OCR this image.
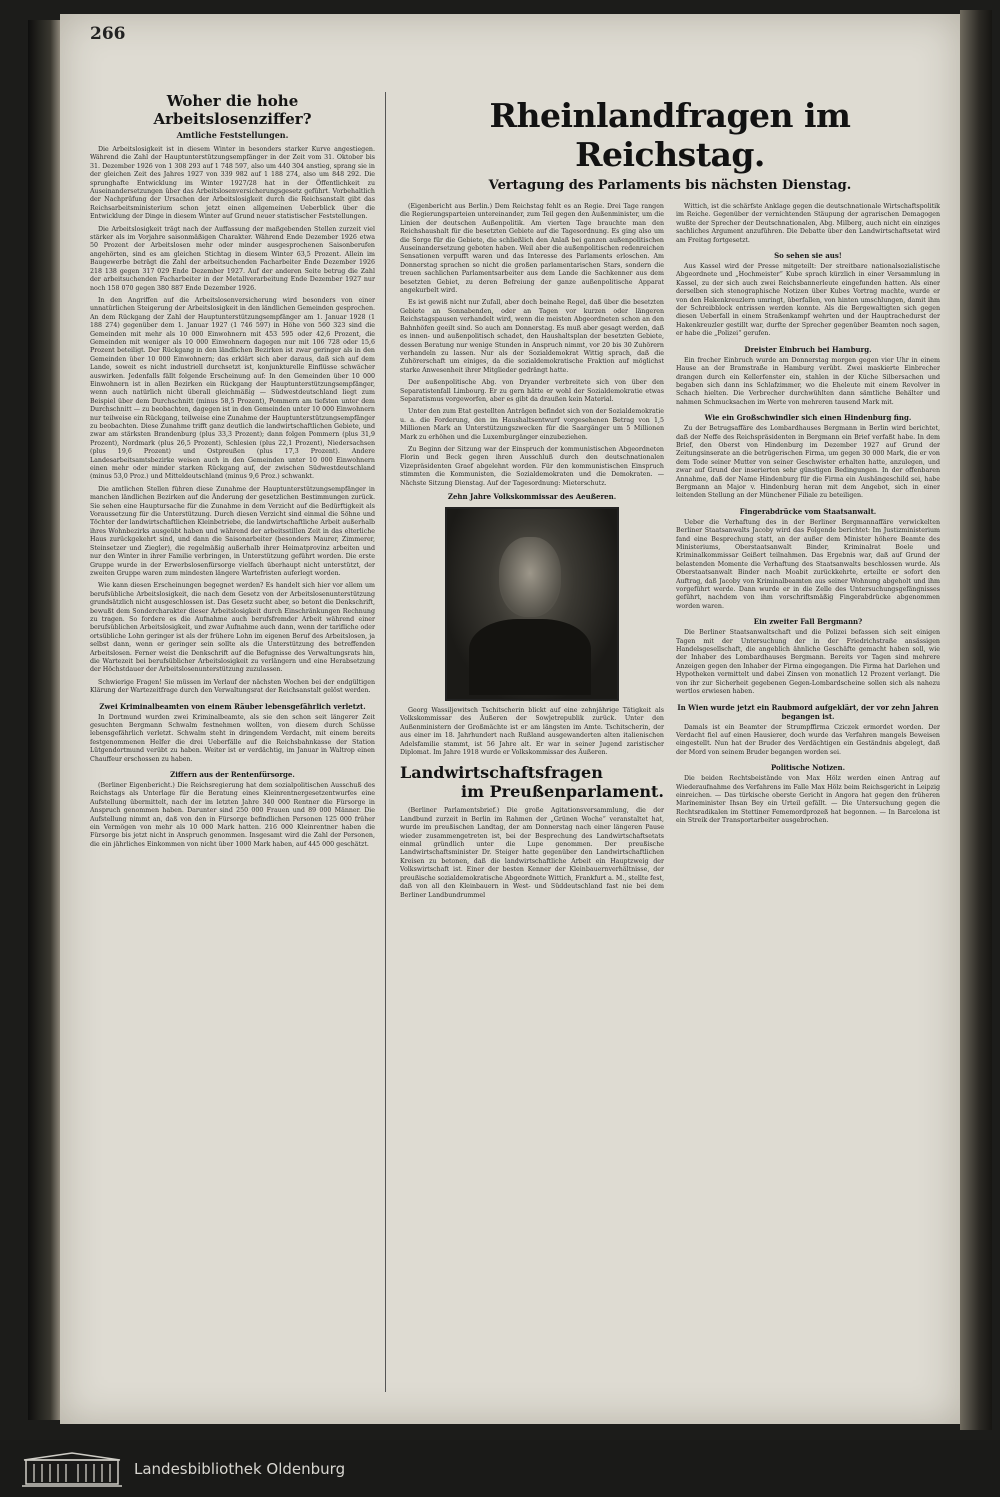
266
Woher die hohe Arbeitslosenziffer?
Amtliche Feststellungen.

Die Arbeitslosigkeit ist in diesem Winter in besonders starker Kurve angestiegen. Während die Zahl der Hauptunterstützungsempfänger in der Zeit vom 31. Oktober bis 31. Dezember 1926 von 1 308 293 auf 1 748 597, also um 440 304 anstieg, sprang sie in der gleichen Zeit des Jahres 1927 von 339 982 auf 1 188 274, also um 848 292. Die sprunghafte Entwicklung im Winter 1927/28 hat in der Öffentlichkeit zu Auseinandersetzungen über das Arbeitslosenversicherungsgesetz geführt. Vorbehaltlich der Nachprüfung der Ursachen der Arbeitslosigkeit durch die Reichsanstalt gibt das Reichsarbeitsministerium schon jetzt einen allgemeinen Ueberblick über die Entwicklung der Dinge in diesem Winter auf Grund neuer statistischer Feststellungen.

Die Arbeitslosigkeit trägt nach der Auffassung der maßgebenden Stellen zurzeit viel stärker als im Vorjahre saisonmäßigen Charakter. Während Ende Dezember 1926 etwa 50 Prozent der Arbeitslosen mehr oder minder ausgesprochenen Saisonberufen angehörten, sind es am gleichen Stichtag in diesem Winter 63,5 Prozent. Allein im Baugewerbe beträgt die Zahl der arbeitsuchenden Facharbeiter Ende Dezember 1926 218 138 gegen 317 029 Ende Dezember 1927. Auf der anderen Seite betrug die Zahl der arbeitsuchenden Facharbeiter in der Metallverarbeitung Ende Dezember 1927 nur noch 158 070 gegen 380 887 Ende Dezember 1926.

In den Angriffen auf die Arbeitslosenversicherung wird besonders von einer unnatürlichen Steigerung der Arbeitslosigkeit in den ländlichen Gemeinden gesprochen. An dem Rückgang der Zahl der Hauptunterstützungsempfänger am 1. Januar 1928 (1 188 274) gegenüber dem 1. Januar 1927 (1 746 597) in Höhe von 560 323 sind die Gemeinden mit mehr als 10 000 Einwohnern mit 453 595 oder 42,6 Prozent, die Gemeinden mit weniger als 10 000 Einwohnern dagegen nur mit 106 728 oder 15,6 Prozent beteiligt. Der Rückgang in den ländlichen Bezirken ist zwar geringer als in den Gemeinden über 10 000 Einwohnern; das erklärt sich aber daraus, daß sich auf dem Lande, soweit es nicht industriell durchsetzt ist, konjunkturelle Einflüsse schwächer auswirken. Jedenfalls fällt folgende Erscheinung auf: In den Gemeinden über 10 000 Einwohnern ist in allen Bezirken ein Rückgang der Hauptunterstützungsempfänger, wenn auch natürlich nicht überall gleichmäßig — Südwestdeutschland liegt zum Beispiel über dem Durchschnitt (minus 58,5 Prozent), Pommern am tiefsten unter dem Durchschnitt — zu beobachten, dagegen ist in den Gemeinden unter 10 000 Einwohnern nur teilweise ein Rückgang, teilweise eine Zunahme der Hauptunterstützungsempfänger zu beobachten. Diese Zunahme trifft ganz deutlich die landwirtschaftlichen Gebiete, und zwar am stärksten Brandenburg (plus 33,3 Prozent); dann folgen Pommern (plus 31,9 Prozent), Nordmark (plus 26,5 Prozent), Schlesien (plus 22,1 Prozent), Niedersachsen (plus 19,6 Prozent) und Ostpreußen (plus 17,3 Prozent). Andere Landesarbeitsamtsbezirke weisen auch in den Gemeinden unter 10 000 Einwohnern einen mehr oder minder starken Rückgang auf, der zwischen Südwestdeutschland (minus 53,0 Proz.) und Mitteldeutschland (minus 9,6 Proz.) schwankt.

Die amtlichen Stellen führen diese Zunahme der Hauptunterstützungsempfänger in manchen ländlichen Bezirken auf die Änderung der gesetzlichen Bestimmungen zurück. Sie sehen eine Hauptursache für die Zunahme in dem Verzicht auf die Bedürftigkeit als Voraussetzung für die Unterstützung. Durch diesen Verzicht sind einmal die Söhne und Töchter der landwirtschaftlichen Kleinbetriebe, die landwirtschaftliche Arbeit außerhalb ihres Wohnbezirks ausgeübt haben und während der arbeitsstillen Zeit in das elterliche Haus zurückgekehrt sind, und dann die Saisonarbeiter (besonders Maurer, Zimmerer, Steinsetzer und Ziegler), die regelmäßig außerhalb ihrer Heimatprovinz arbeiten und nur den Winter in ihrer Familie verbringen, in Unterstützung geführt worden. Die erste Gruppe wurde in der Erwerbslosenfürsorge vielfach überhaupt nicht unterstützt, der zweiten Gruppe waren zum mindesten längere Wartefristen auferlegt worden.

Wie kann diesen Erscheinungen begegnet werden? Es handelt sich hier vor allem um berufsübliche Arbeitslosigkeit, die nach dem Gesetz von der Arbeitslosenunterstützung grundsätzlich nicht ausgeschlossen ist. Das Gesetz sucht aber, so betont die Denkschrift, bewußt dem Sondercharakter dieser Arbeitslosigkeit durch Einschränkungen Rechnung zu tragen. So fordere es die Aufnahme auch berufsfremder Arbeit während einer berufsüblichen Arbeitslosigkeit, und zwar Aufnahme auch dann, wenn der tarifliche oder ortsübliche Lohn geringer ist als der frühere Lohn im eigenen Beruf des Arbeitslosen, ja selbst dann, wenn er geringer sein sollte als die Unterstützung des betreffenden Arbeitslosen. Ferner weist die Denkschrift auf die Befugnisse des Verwaltungsrats hin, die Wartezeit bei berufsüblicher Arbeitslosigkeit zu verlängern und eine Herabsetzung der Höchstdauer der Arbeitslosenunterstützung zuzulassen.

Schwierige Fragen! Sie müssen im Verlauf der nächsten Wochen bei der endgültigen Klärung der Wartezeitfrage durch den Verwaltungsrat der Reichsanstalt gelöst werden.

Zwei Kriminalbeamten von einem Räuber lebensgefährlich verletzt.

In Dortmund wurden zwei Kriminalbeamte, als sie den schon seit längerer Zeit gesuchten Bergmann Schwalm festnehmen wollten, von diesem durch Schüsse lebensgefährlich verletzt. Schwalm steht in dringendem Verdacht, mit einem bereits festgenommenen Helfer die drei Ueberfälle auf die Reichsbahnkasse der Station Lütgendortmund verübt zu haben. Weiter ist er verdächtig, im Januar in Waltrop einen Chauffeur erschossen zu haben.

Ziffern aus der Rentenfürsorge.

(Berliner Eigenbericht.) Die Reichsregierung hat dem sozialpolitischen Ausschuß des Reichstags als Unterlage für die Beratung eines Kleinrentnergesetzentwurfes eine Aufstellung übermittelt, nach der im letzten Jahre 340 000 Rentner die Fürsorge in Anspruch genommen haben. Darunter sind 250 000 Frauen und 89 000 Männer. Die Aufstellung nimmt an, daß von den in Fürsorge befindlichen Personen 125 000 früher ein Vermögen von mehr als 10 000 Mark hatten. 216 000 Kleinrentner haben die Fürsorge bis jetzt nicht in Anspruch genommen. Insgesamt wird die Zahl der Personen, die ein jährliches Einkommen von nicht über 1000 Mark haben, auf 445 000 geschätzt.

Rheinlandfragen im Reichstag.
Vertagung des Parlaments bis nächsten Dienstag.

(Eigenbericht aus Berlin.) Dem Reichstag fehlt es an Regie. Drei Tage rangen die Regierungsparteien untereinander, zum Teil gegen den Außenminister, um die Linien der deutschen Außenpolitik. Am vierten Tage brauchte man den Reichshaushalt für die besetzten Gebiete auf die Tagesordnung. Es ging also um die Sorge für die Gebiete, die schließlich den Anlaß bei ganzen außenpolitischen Auseinandersetzung geboten haben. Weil aber die außenpolitischen redenreichen Sensationen verpufft waren und das Interesse des Parlaments erloschen. Am Donnerstag sprachen so nicht die großen parlamentarischen Stars, sondern die treuen sachlichen Parlamentsarbeiter aus dem Lande die Sachkenner aus dem besetzten Gebiet, zu deren Befreiung der ganze außenpolitische Apparat angekurbelt wird.

Es ist gewiß nicht nur Zufall, aber doch beinahe Regel, daß über die besetzten Gebiete an Sonnabenden, oder an Tagen vor kurzen oder längeren Reichstagspausen verhandelt wird, wenn die meisten Abgeordneten schon an den Bahnhöfen geeilt sind. So auch am Donnerstag. Es muß aber gesagt werden, daß es innen- und außenpolitisch schadet, den Haushaltsplan der besetzten Gebiete, dessen Beratung nur wenige Stunden in Anspruch nimmt, vor 20 bis 30 Zuhörern verhandeln zu lassen. Nur als der Sozialdemokrat Wittig sprach, daß die Zuhörerschaft um einiges, da die sozialdemokratische Fraktion auf möglichst starke Anwesenheit ihrer Mitglieder gedrängt hatte.

Der außenpolitische Abg. von Dryander verbreitete sich von über den Separatistenfall Limbourg. Er zu gern hätte er wohl der Sozialdemokratie etwas Separatismus vorgeworfen, aber es gibt da draußen kein Material.

Unter den zum Etat gestellten Anträgen befindet sich von der Sozialdemokratie u. a. die Forderung, den im Haushaltsentwurf vorgesehenen Betrag von 1,5 Millionen Mark an Unterstützungszwecken für die Saargänger um 5 Millionen Mark zu erhöhen und die Luxemburgänger einzubeziehen.

Zu Beginn der Sitzung war der Einspruch der kommunistischen Abgeordneten Florin und Beck gegen ihren Ausschluß durch den deutschnationalen Vizepräsidenten Graef abgelehnt worden. Für den kommunistischen Einspruch stimmten die Kommunisten, die Sozialdemokraten und die Demokraten. — Nächste Sitzung Dienstag. Auf der Tagesordnung: Mieterschutz.

Zehn Jahre Volkskommissar des Aeußeren.

Georg Wassiljewitsch Tschitscherin blickt auf eine zehnjährige Tätigkeit als Volkskommissar des Äußeren der Sowjetrepublik zurück. Unter den Außenministern der Großmächte ist er am längsten im Amte. Tschitscherin, der aus einer im 18. Jahrhundert nach Rußland ausgewanderten alten italienischen Adelsfamilie stammt, ist 56 Jahre alt. Er war in seiner Jugend zaristischer Diplomat. Im Jahre 1918 wurde er Volkskommissar des Äußeren.

Landwirtschaftsfragen
im Preußenparlament.

(Berliner Parlamentsbrief.) Die große Agitationsversammlung, die der Landbund zurzeit in Berlin im Rahmen der „Grünen Woche“ veranstaltet hat, wurde im preußischen Landtag, der am Donnerstag nach einer längeren Pause wieder zusammengetreten ist, bei der Besprechung des Landwirtschaftsetats einmal gründlich unter die Lupe genommen. Der preußische Landwirtschaftsminister Dr. Steiger hatte gegenüber den Landwirtschaftlichen Kreisen zu betonen, daß die landwirtschaftliche Arbeit ein Hauptzweig der Volkswirtschaft ist. Einer der besten Kenner der Kleinbauernverhältnisse, der preußische sozialdemokratische Abgeordnete Wittich, Frankfurt a. M., stellte fest, daß von all den Kleinbauern in West- und Süddeutschland fast nie bei dem Berliner Landbundrummel

Wittich, ist die schärfste Anklage gegen die deutschnationale Wirtschaftspolitik im Reiche. Gegenüber der vernichtenden Stäupung der agrarischen Demagogen wußte der Sprecher der Deutschnationalen, Abg. Milberg, auch nicht ein einziges sachliches Argument anzuführen. Die Debatte über den Landwirtschaftsetat wird am Freitag fortgesetzt.

So sehen sie aus!

Aus Kassel wird der Presse mitgeteilt: Der streitbare nationalsozialistische Abgeordnete und „Hochmeister“ Kube sprach kürzlich in einer Versammlung in Kassel, zu der sich auch zwei Reichsbannerleute eingefunden hatten. Als einer derselben sich stenographische Notizen über Kubes Vortrag machte, wurde er von den Hakenkreuzlern umringt, überfallen, von hinten umschlungen, damit ihm der Schreibblock entrissen werden konnte. Als die Bergewaltigten sich gegen diesen Ueberfall in einem Straßenkampf wehrten und der Hauptrachedurst der Hakenkreuzler gestillt war, durfte der Sprecher gegenüber Beamten noch sagen, er habe die „Polizei“ gerufen.

Dreister Einbruch bei Hamburg.

Ein frecher Einbruch wurde am Donnerstag morgen gegen vier Uhr in einem Hause an der Bramstraße in Hamburg verübt. Zwei maskierte Einbrecher drangen durch ein Kellerfenster ein, stahlen in der Küche Silbersachen und begaben sich dann ins Schlafzimmer, wo die Eheleute mit einem Revolver in Schach hielten. Die Verbrecher durchwühlten dann sämtliche Behälter und nahmen Schmucksachen im Werte von mehreren tausend Mark mit.

Wie ein Großschwindler sich einen Hindenburg fing.

Zu der Betrugsaffäre des Lombardhauses Bergmann in Berlin wird berichtet, daß der Neffe des Reichspräsidenten in Bergmann ein Brief verfaßt habe. In dem Brief, den Oberst von Hindenburg im Dezember 1927 auf Grund der Zeitungsinserate an die betrügerischen Firma, um gegen 30 000 Mark, die er von dem Tode seiner Mutter von seiner Geschwister erhalten hatte, anzulegen, und zwar auf Grund der inserierten sehr günstigen Bedingungen. In der offenbaren Annahme, daß der Name Hindenburg für die Firma ein Aushängeschild sei, habe Bergmann an Major v. Hindenburg heran mit dem Angebot, sich in einer leitenden Stellung an der Münchener Filiale zu beteiligen.

Fingerabdrücke vom Staatsanwalt.

Ueber die Verhaftung des in der Berliner Bergmannaffäre verwickelten Berliner Staatsanwalts Jacoby wird das Folgende berichtet: Im Justizministerium fand eine Besprechung statt, an der außer dem Minister höhere Beamte des Ministeriums, Oberstaatsanwalt Binder, Kriminalrat Boele und Kriminalkommissar Geißert teilnahmen. Das Ergebnis war, daß auf Grund der belastenden Momente die Verhaftung des Staatsanwalts beschlossen wurde. Als Oberstaatsanwalt Binder nach Moabit zurückkehrte, erteilte er sofort den Auftrag, daß Jacoby von Kriminalbeamten aus seiner Wohnung abgeholt und ihm vorgeführt werde. Dann wurde er in die Zelle des Untersuchungsgefängnisses geführt, nachdem von ihm vorschriftsmäßig Fingerabdrücke abgenommen worden waren.

Ein zweiter Fall Bergmann?

Die Berliner Staatsanwaltschaft und die Polizei befassen sich seit einigen Tagen mit der Untersuchung der in der Friedrichstraße ansässigen Handelsgesellschaft, die angeblich ähnliche Geschäfte gemacht haben soll, wie der Inhaber des Lombardhauses Bergmann. Bereits vor Tagen sind mehrere Anzeigen gegen den Inhaber der Firma eingegangen. Die Firma hat Darlehen und Hypotheken vermittelt und dabei Zinsen von monatlich 12 Prozent verlangt. Die von ihr zur Sicherheit gegebenen Gegen-Lombardscheine sollen sich als nahezu wertlos erwiesen haben.

In Wien wurde jetzt ein Raubmord aufgeklärt, der vor zehn Jahren begangen ist.

Damals ist ein Beamter der Strumpffirma Cziczek ermordet worden. Der Verdacht fiel auf einen Hausierer, doch wurde das Verfahren mangels Beweisen eingestellt. Nun hat der Bruder des Verdächtigen ein Geständnis abgelegt, daß der Mord von seinem Bruder begangen worden sei.

Politische Notizen.

Die beiden Rechtsbeistände von Max Hölz werden einen Antrag auf Wiederaufnahme des Verfahrens im Falle Max Hölz beim Reichsgericht in Leipzig einreichen. — Das türkische oberste Gericht in Angora hat gegen den früheren Marineminister Ihsan Bey ein Urteil gefällt. — Die Untersuchung gegen die Rechtsradikalen im Stettiner Fememordprozeß hat begonnen. — In Barcelona ist ein Streik der Transportarbeiter ausgebrochen.

Landesbibliothek Oldenburg
